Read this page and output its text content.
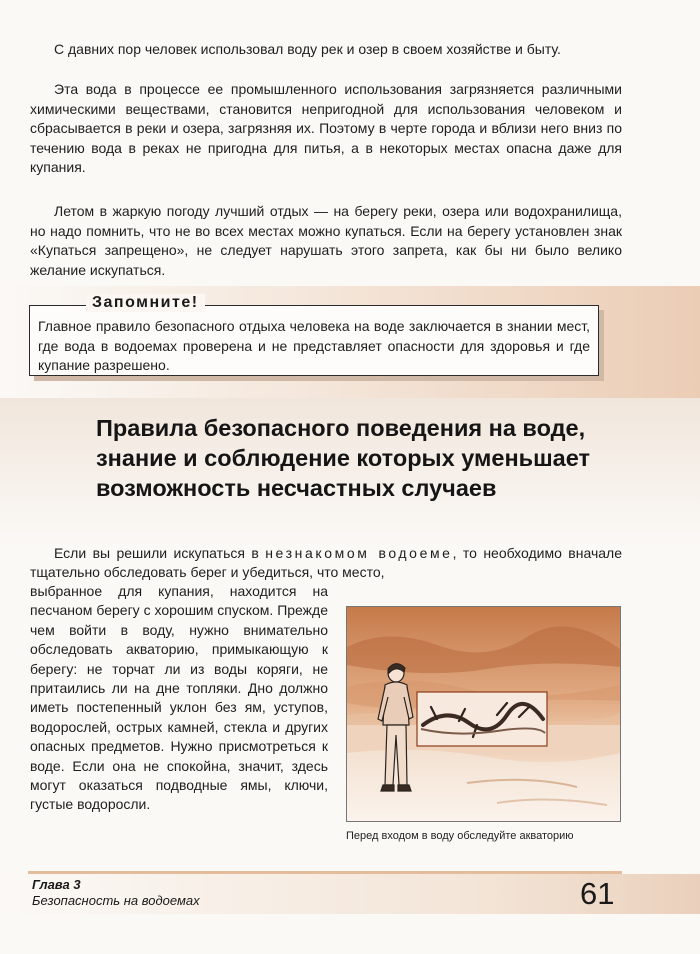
С давних пор человек использовал воду рек и озер в своем хозяйстве и быту.

Эта вода в процессе ее промышленного использования загрязняется различными химическими веществами, становится непригодной для использования человеком и сбрасывается в реки и озера, загрязняя их. Поэтому в черте города и вблизи него вниз по течению вода в реках не пригодна для питья, а в некоторых местах опасна даже для купания.

Летом в жаркую погоду лучший отдых — на берегу реки, озера или водохранилища, но надо помнить, что не во всех местах можно купаться. Если на берегу установлен знак «Купаться запрещено», не следует нарушать этого запрета, как бы ни было велико желание искупаться.

Запомните!

Главное правило безопасного отдыха человека на воде заключается в знании мест, где вода в водоемах проверена и не представляет опасности для здоровья и где купание разрешено.

Правила безопасного поведения на воде, знание и соблюдение которых уменьшает возможность несчастных случаев

Если вы решили искупаться в незнакомом водоеме, то необходимо вначале тщательно обследовать берег и убедиться, что место,

выбранное для купания, находится на песчаном берегу с хорошим спуском. Прежде чем войти в воду, нужно внимательно обследовать акваторию, примыкающую к берегу: не торчат ли из воды коряги, не притаились ли на дне топляки. Дно должно иметь постепенный уклон без ям, уступов, водорослей, острых камней, стекла и других опасных предметов. Нужно присмотреться к воде. Если она не спокойна, значит, здесь могут оказаться подводные ямы, ключи, густые водоросли.

Перед входом в воду обследуйте акваторию

Глава 3

Безопасность на водоемах	61
